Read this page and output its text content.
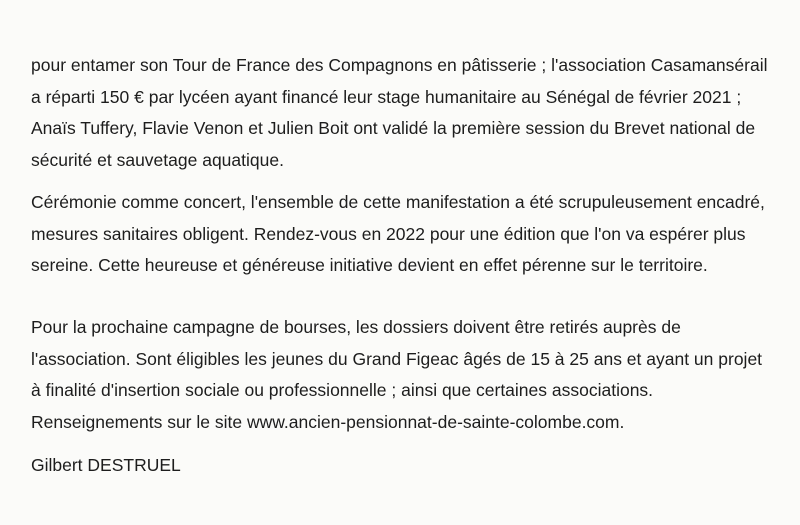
pour entamer son Tour de France des Compagnons en pâtisserie ; l'association Casamansérail
a réparti 150 € par lycéen ayant financé leur stage humanitaire au Sénégal de février 2021 ;
Anaïs Tuffery, Flavie Venon et Julien Boit ont validé la première session du Brevet national de
sécurité et sauvetage aquatique.

Cérémonie comme concert, l'ensemble de cette manifestation a été scrupuleusement encadré,
mesures sanitaires obligent. Rendez-vous en 2022 pour une édition que l'on va espérer plus
sereine. Cette heureuse et généreuse initiative devient en effet pérenne sur le territoire.

Pour la prochaine campagne de bourses, les dossiers doivent être retirés auprès de
l'association. Sont éligibles les jeunes du Grand Figeac âgés de 15 à 25 ans et ayant un projet
à finalité d'insertion sociale ou professionnelle ; ainsi que certaines associations.
Renseignements sur le site www.ancien-pensionnat-de-sainte-colombe.com.

Gilbert DESTRUEL
